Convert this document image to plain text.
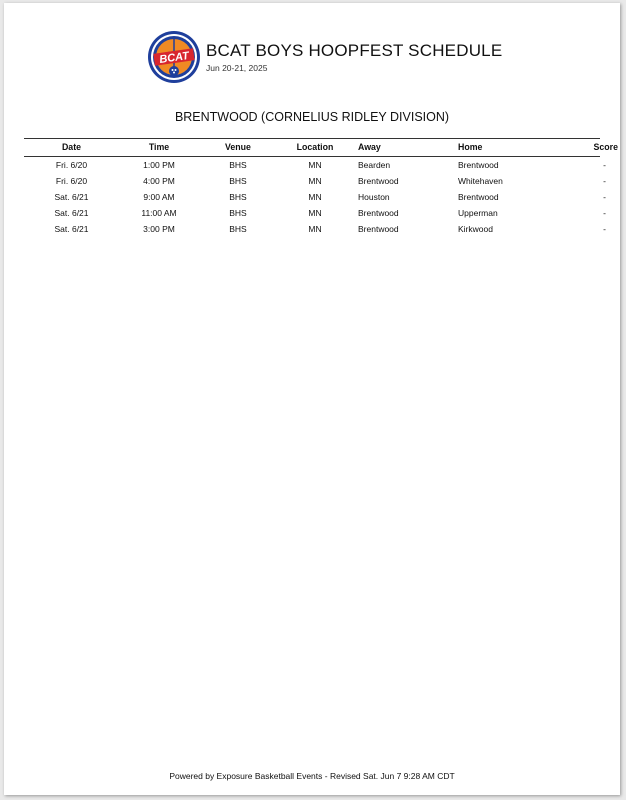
BCAT BCAT BOYS HOOPFEST SCHEDULE
Jun 20-21, 2025
BRENTWOOD (CORNELIUS RIDLEY DIVISION)
Date	Time	Venue	Location	Away	Home	Score
Fri. 6/20	1:00 PM	BHS	MN	Bearden	Brentwood	-
Fri. 6/20	4:00 PM	BHS	MN	Brentwood	Whitehaven	-
Sat. 6/21	9:00 AM	BHS	MN	Houston	Brentwood	-
Sat. 6/21	11:00 AM	BHS	MN	Brentwood	Upperman	-
Sat. 6/21	3:00 PM	BHS	MN	Brentwood	Kirkwood	-
Powered by Exposure Basketball Events - Revised Sat. Jun 7 9:28 AM CDT
